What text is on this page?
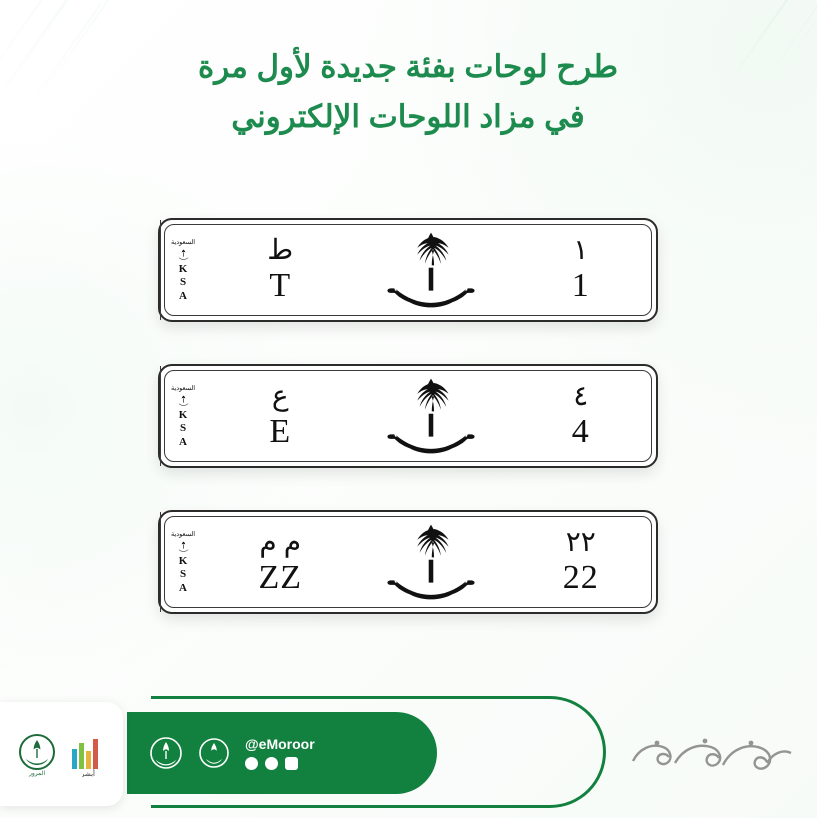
طرح لوحات بفئة جديدة لأول مرة
في مزاد اللوحات الإلكتروني
السعودية
K
S
A
ط
T
١
1
السعودية
K
S
A
ع
E
٤
4
السعودية
K
S
A
م م
ZZ
٢٢
22
@eMoroor
أبشر
المرور
